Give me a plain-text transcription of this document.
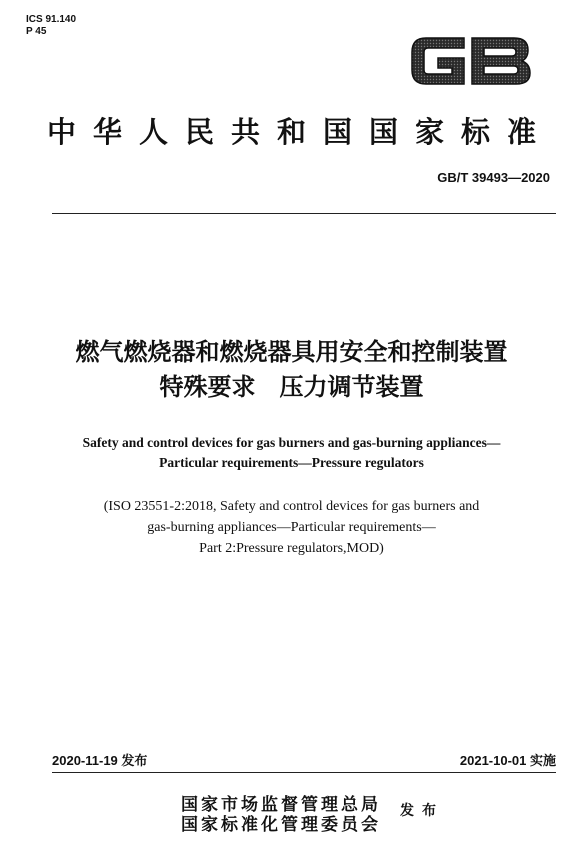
ICS 91.140
P 45	GB
中华人民共和国国家标准
GB/T 39493—2020
燃气燃烧器和燃烧器具用安全和控制装置
特殊要求　压力调节装置
Safety and control devices for gas burners and gas-burning appliances—
Particular requirements—Pressure regulators
(ISO 23551-2:2018, Safety and control devices for gas burners and
gas-burning appliances—Particular requirements—
Part 2:Pressure regulators,MOD)
2020-11-19 发布	2021-10-01 实施
国家市场监督管理总局
国家标准化管理委员会
发布
